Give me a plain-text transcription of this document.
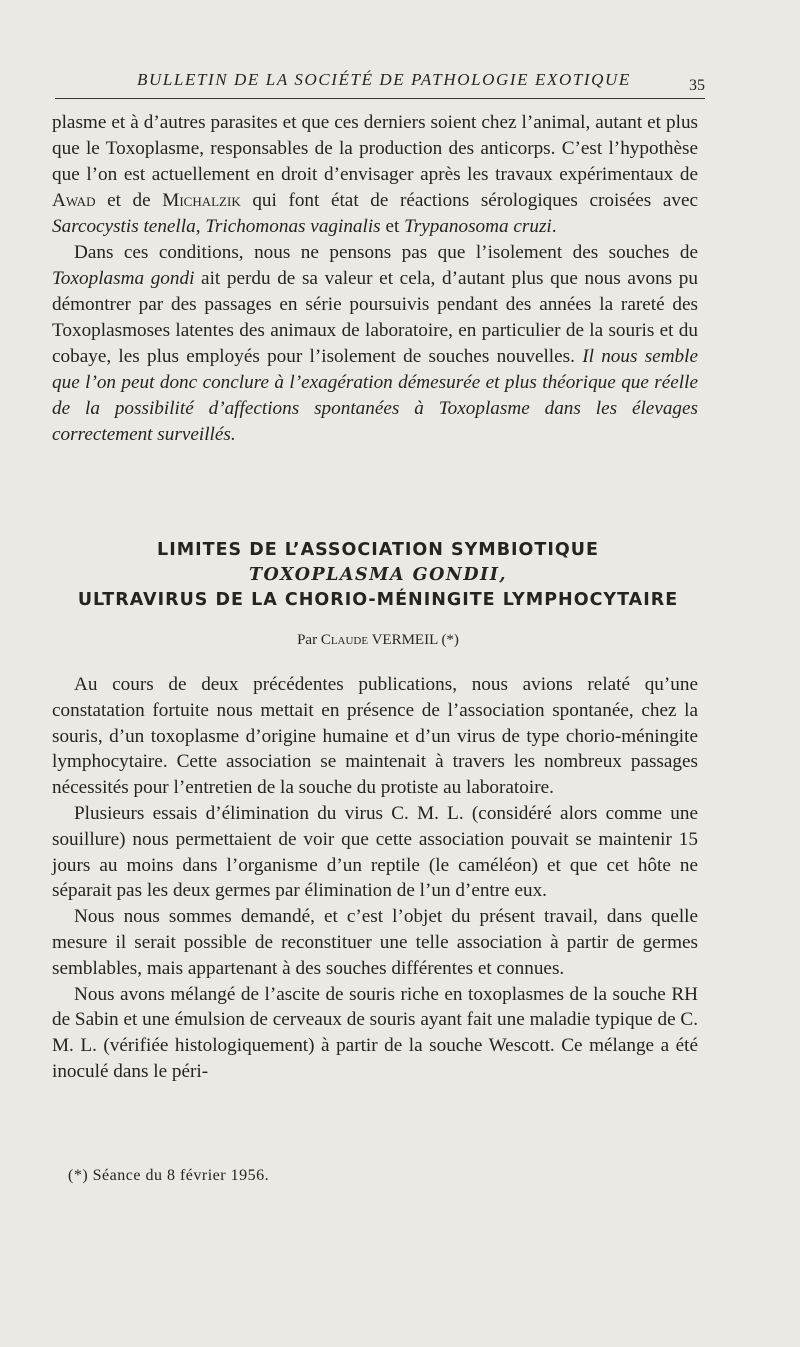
BULLETIN DE LA SOCIÉTÉ DE PATHOLOGIE EXOTIQUE	35

plasme et à d’autres parasites et que ces derniers soient chez l’animal, autant et plus que le Toxoplasme, responsables de la production des anticorps. C’est l’hypothèse que l’on est actuellement en droit d’envisager après les travaux expérimentaux de Awad et de Michalzik qui font état de réactions sérologiques croisées avec Sarcocystis tenella, Trichomonas vaginalis et Trypanosoma cruzi.

Dans ces conditions, nous ne pensons pas que l’isolement des souches de Toxoplasma gondi ait perdu de sa valeur et cela, d’autant plus que nous avons pu démontrer par des passages en série poursuivis pendant des années la rareté des Toxoplasmoses latentes des animaux de laboratoire, en particulier de la souris et du cobaye, les plus employés pour l’isolement de souches nouvelles. Il nous semble que l’on peut donc conclure à l’exagération démesurée et plus théorique que réelle de la possibilité d’affections spontanées à Toxoplasme dans les élevages correctement surveillés.

LIMITES DE L’ASSOCIATION SYMBIOTIQUE
TOXOPLASMA GONDII,
ULTRAVIRUS DE LA CHORIO-MÉNINGITE LYMPHOCYTAIRE
Par Claude VERMEIL (*)

Au cours de deux précédentes publications, nous avions relaté qu’une constatation fortuite nous mettait en présence de l’association spontanée, chez la souris, d’un toxoplasme d’origine humaine et d’un virus de type chorio-méningite lymphocytaire. Cette association se maintenait à travers les nombreux passages nécessités pour l’entretien de la souche du protiste au laboratoire.

Plusieurs essais d’élimination du virus C. M. L. (considéré alors comme une souillure) nous permettaient de voir que cette association pouvait se maintenir 15 jours au moins dans l’organisme d’un reptile (le caméléon) et que cet hôte ne séparait pas les deux germes par élimination de l’un d’entre eux.

Nous nous sommes demandé, et c’est l’objet du présent travail, dans quelle mesure il serait possible de reconstituer une telle association à partir de germes semblables, mais appartenant à des souches différentes et connues.

Nous avons mélangé de l’ascite de souris riche en toxoplasmes de la souche RH de Sabin et une émulsion de cerveaux de souris ayant fait une maladie typique de C. M. L. (vérifiée histologiquement) à partir de la souche Wescott. Ce mélange a été inoculé dans le péri-

(*) Séance du 8 février 1956.
